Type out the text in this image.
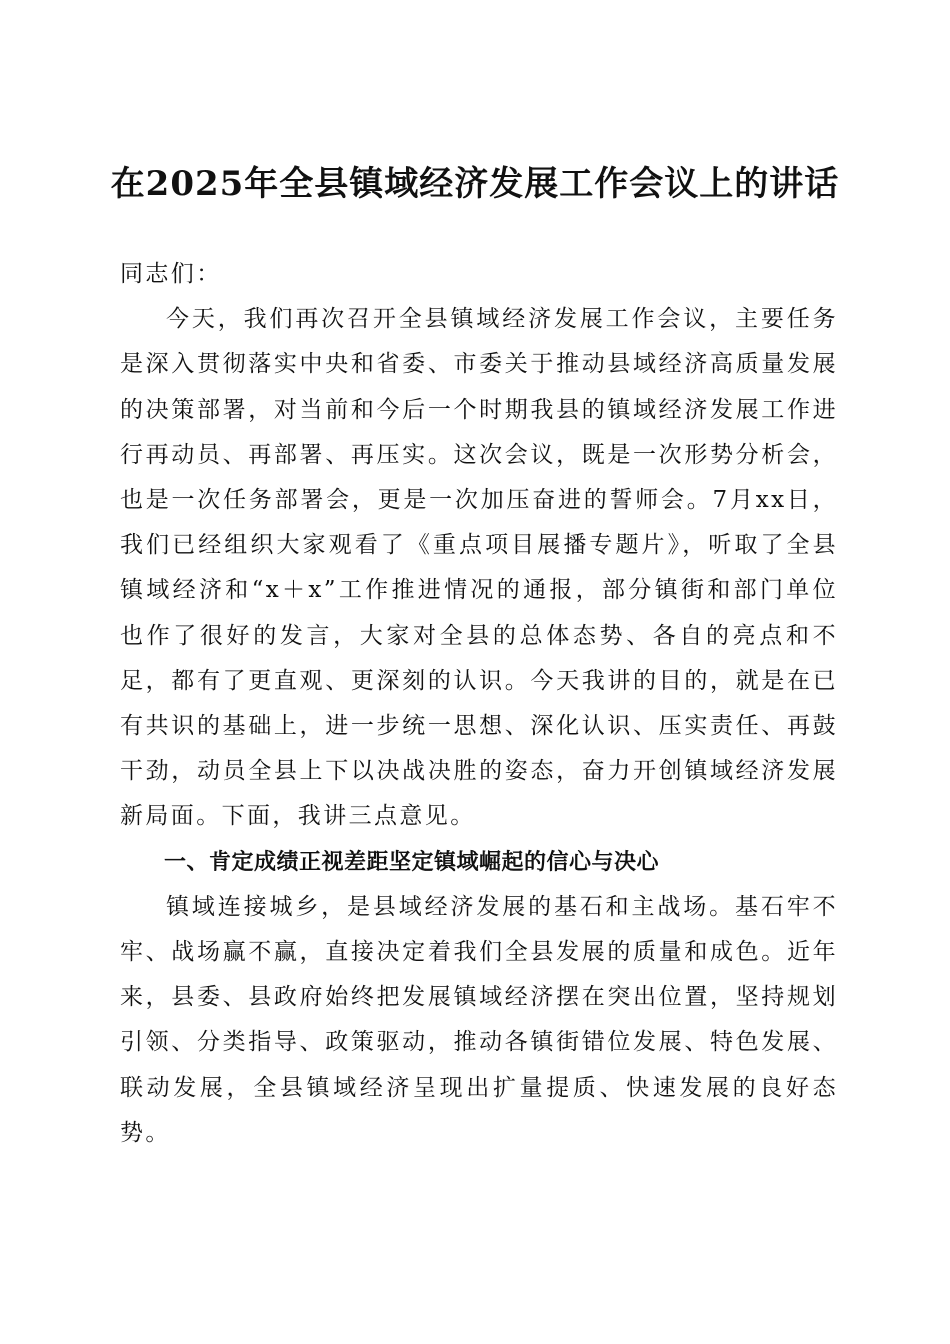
在2025年全县镇域经济发展工作会议上的讲话

同志们：

今天，我们再次召开全县镇域经济发展工作会议，主要任务是深入贯彻落实中央和省委、市委关于推动县域经济高质量发展的决策部署，对当前和今后一个时期我县的镇域经济发展工作进行再动员、再部署、再压实。这次会议，既是一次形势分析会，也是一次任务部署会，更是一次加压奋进的誓师会。7月xx日，我们已经组织大家观看了《重点项目展播专题片》，听取了全县镇域经济和“x＋x”工作推进情况的通报，部分镇街和部门单位也作了很好的发言，大家对全县的总体态势、各自的亮点和不足，都有了更直观、更深刻的认识。今天我讲的目的，就是在已有共识的基础上，进一步统一思想、深化认识、压实责任、再鼓干劲，动员全县上下以决战决胜的姿态，奋力开创镇域经济发展新局面。下面，我讲三点意见。

一、肯定成绩正视差距坚定镇域崛起的信心与决心

镇域连接城乡，是县域经济发展的基石和主战场。基石牢不牢、战场赢不赢，直接决定着我们全县发展的质量和成色。近年来，县委、县政府始终把发展镇域经济摆在突出位置，坚持规划引领、分类指导、政策驱动，推动各镇街错位发展、特色发展、联动发展，全县镇域经济呈现出扩量提质、快速发展的良好态势。
